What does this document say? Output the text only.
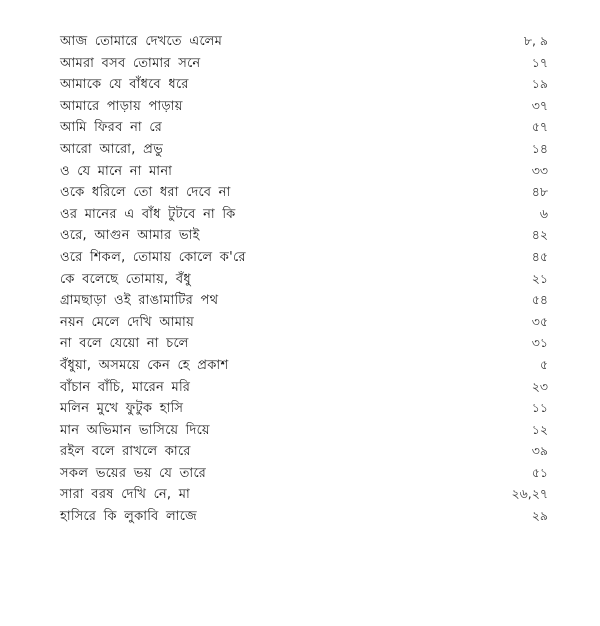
আজ তোমারে দেখতে এলেম	৮, ৯
আমরা বসব তোমার সনে	১৭
আমাকে যে বাঁধবে ধরে	১৯
আমারে পাড়ায় পাড়ায়	৩৭
আমি ফিরব না রে	৫৭
আরো আরো, প্রভু	১৪
ও যে মানে না মানা	৩৩
ওকে ধরিলে তো ধরা দেবে না	৪৮
ওর মানের এ বাঁধ টুটবে না কি	৬
ওরে, আগুন আমার ভাই	৪২
ওরে শিকল, তোমায় কোলে ক'রে	৪৫
কে বলেছে তোমায়, বঁধু	২১
গ্রামছাড়া ওই রাঙামাটির পথ	৫৪
নয়ন মেলে দেখি আমায়	৩৫
না বলে যেয়ো না চলে	৩১
বঁধুয়া, অসময়ে কেন হে প্রকাশ	৫
বাঁচান বাঁচি, মারেন মরি	২৩
মলিন মুখে ফুটুক হাসি	১১
মান অভিমান ভাসিয়ে দিয়ে	১২
রইল বলে রাখলে কারে	৩৯
সকল ভয়ের ভয় যে তারে	৫১
সারা বরষ দেখি নে, মা	২৬,২৭
হাসিরে কি লুকাবি লাজে	২৯
